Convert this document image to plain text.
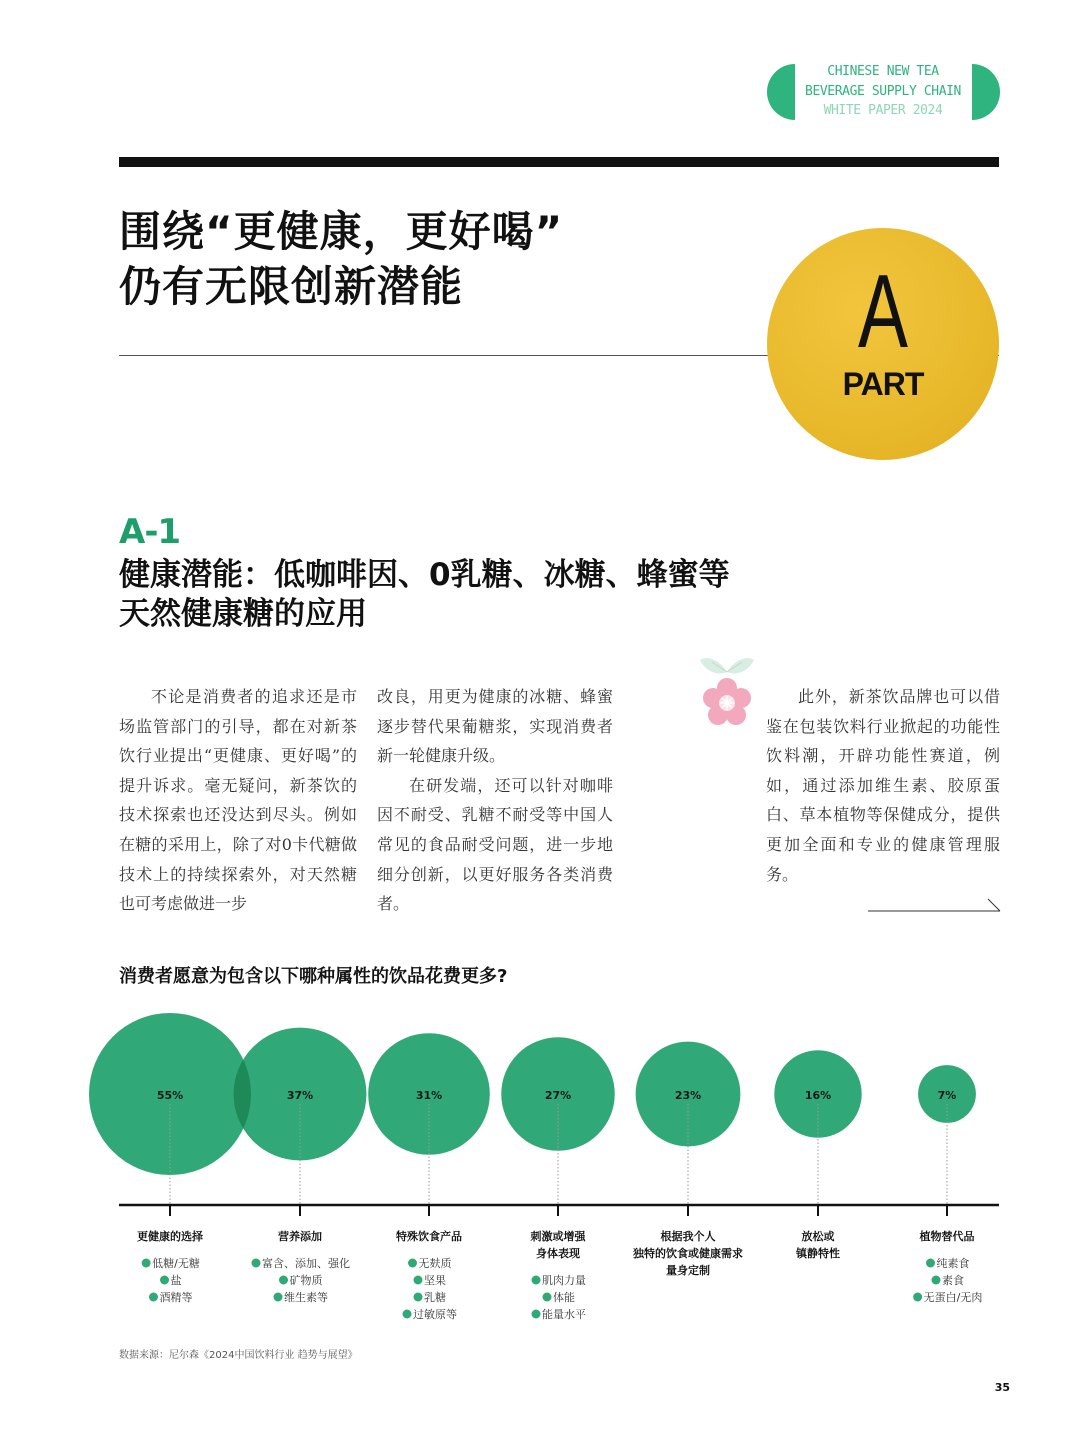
CHINESE NEW TEA
BEVERAGE SUPPLY CHAIN
WHITE PAPER 2024
围绕“更健康，更好喝”
仍有无限创新潜能	A
PART
A-1
健康潜能：低咖啡因、0乳糖、冰糖、蜂蜜等
天然健康糖的应用

不论是消费者的追求还是市场监管部门的引导，都在对新茶饮行业提出“更健康、更好喝”的提升诉求。毫无疑问，新茶饮的技术探索也还没达到尽头。例如在糖的采用上，除了对0卡代糖做技术上的持续探索外，对天然糖也可考虑做进一步

改良，用更为健康的冰糖、蜂蜜逐步替代果葡糖浆，实现消费者新一轮健康升级。

在研发端，还可以针对咖啡因不耐受、乳糖不耐受等中国人常见的食品耐受问题，进一步地细分创新，以更好服务各类消费者。

此外，新茶饮品牌也可以借鉴在包装饮料行业掀起的功能性饮料潮，开辟功能性赛道，例如，通过添加维生素、胶原蛋白、草本植物等保健成分，提供更加全面和专业的健康管理服务。

消费者愿意为包含以下哪种属性的饮品花费更多?
55%	37%	31%	27%	23%	16%	7%
更健康的选择
低糖/无糖
盐
酒精等
营养添加
富含、添加、强化
矿物质
维生素等
特殊饮食产品
无麸质
坚果
乳糖
过敏原等
刺激或增强
身体表现
肌肉力量
体能
能量水平
根据我个人
独特的饮食或健康需求
量身定制
放松或
镇静特性
植物替代品
纯素食
素食
无蛋白/无肉
数据来源：尼尔森《2024中国饮料行业 趋势与展望》
35
